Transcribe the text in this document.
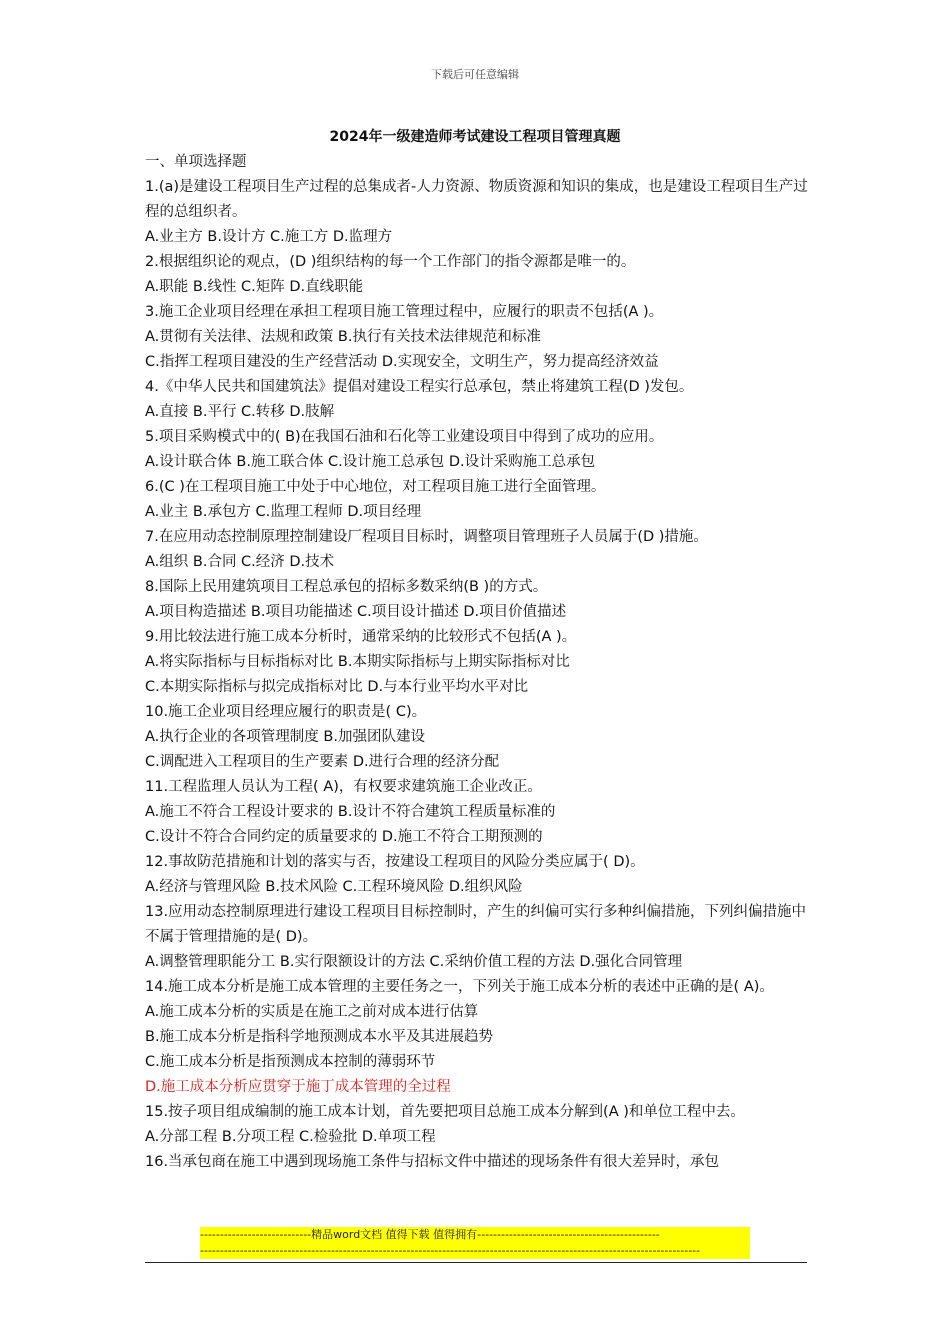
下载后可任意编辑
2024年一级建造师考试建设工程项目管理真题
一、单项选择题
1.(a)是建设工程项目生产过程的总集成者-人力资源、物质资源和知识的集成，也是建设工程项目生产过程的总组织者。
A.业主方 B.设计方 C.施工方 D.监理方
2.根据组织论的观点，(D )组织结构的每一个工作部门的指令源都是唯一的。
A.职能 B.线性 C.矩阵 D.直线职能
3.施工企业项目经理在承担工程项目施工管理过程中，应履行的职责不包括(A )。
A.贯彻有关法律、法规和政策 B.执行有关技术法律规范和标准
C.指挥工程项目建没的生产经营活动 D.实现安全，文明生产，努力提高经济效益
4.《中华人民共和国建筑法》提倡对建设工程实行总承包，禁止将建筑工程(D )发包。
A.直接 B.平行 C.转移 D.肢解
5.项目采购模式中的( B)在我国石油和石化等工业建设项目中得到了成功的应用。
A.设计联合体 B.施工联合体 C.设计施工总承包 D.设计采购施工总承包
6.(C )在工程项目施工中处于中心地位，对工程项目施工进行全面管理。
A.业主 B.承包方 C.监理工程师 D.项目经理
7.在应用动态控制原理控制建设厂程项目目标时，调整项目管理班子人员属于(D )措施。
A.组织 B.合同 C.经济 D.技术
8.国际上民用建筑项目工程总承包的招标多数采纳(B )的方式。
A.项目构造描述 B.项目功能描述 C.项目设计描述 D.项目价值描述
9.用比较法进行施工成本分析时，通常采纳的比较形式不包括(A )。
A.将实际指标与目标指标对比 B.本期实际指标与上期实际指标对比
C.本期实际指标与拟完成指标对比 D.与本行业平均水平对比
10.施工企业项目经理应履行的职责是( C)。
A.执行企业的各项管理制度 B.加强团队建设
C.调配进入工程项目的生产要素 D.进行合理的经济分配
11.工程监理人员认为工程( A)，有权要求建筑施工企业改正。
A.施工不符合工程设计要求的 B.设计不符合建筑工程质量标准的
C.设计不符合合同约定的质量要求的 D.施工不符合工期预测的
12.事故防范措施和计划的落实与否，按建设工程项目的风险分类应属于( D)。
A.经济与管理风险 B.技术风险 C.工程环境风险 D.组织风险
13.应用动态控制原理进行建设工程项目目标控制时，产生的纠偏可实行多种纠偏措施，下列纠偏措施中不属于管理措施的是( D)。
A.调整管理职能分工 B.实行限额设计的方法 C.采纳价值工程的方法 D.强化合同管理
14.施工成本分析是施工成本管理的主要任务之一，下列关于施工成本分析的表述中正确的是( A)。
A.施工成本分析的实质是在施工之前对成本进行估算
B.施工成本分析是指科学地预测成本水平及其进展趋势
C.施工成本分析是指预测成本控制的薄弱环节
D.施工成本分析应贯穿于施丁成本管理的全过程
15.按子项目组成编制的施工成本计划，首先要把项目总施工成本分解到(A )和单位工程中去。
A.分部工程 B.分项工程 C.检验批 D.单项工程
16.当承包商在施工中遇到现场施工条件与招标文件中描述的现场条件有很大差异时，承包
----------------------------精品word文档 值得下载 值得拥有----------------------------------------------
------------------------------------------------------------------------------------------------------------------------------
